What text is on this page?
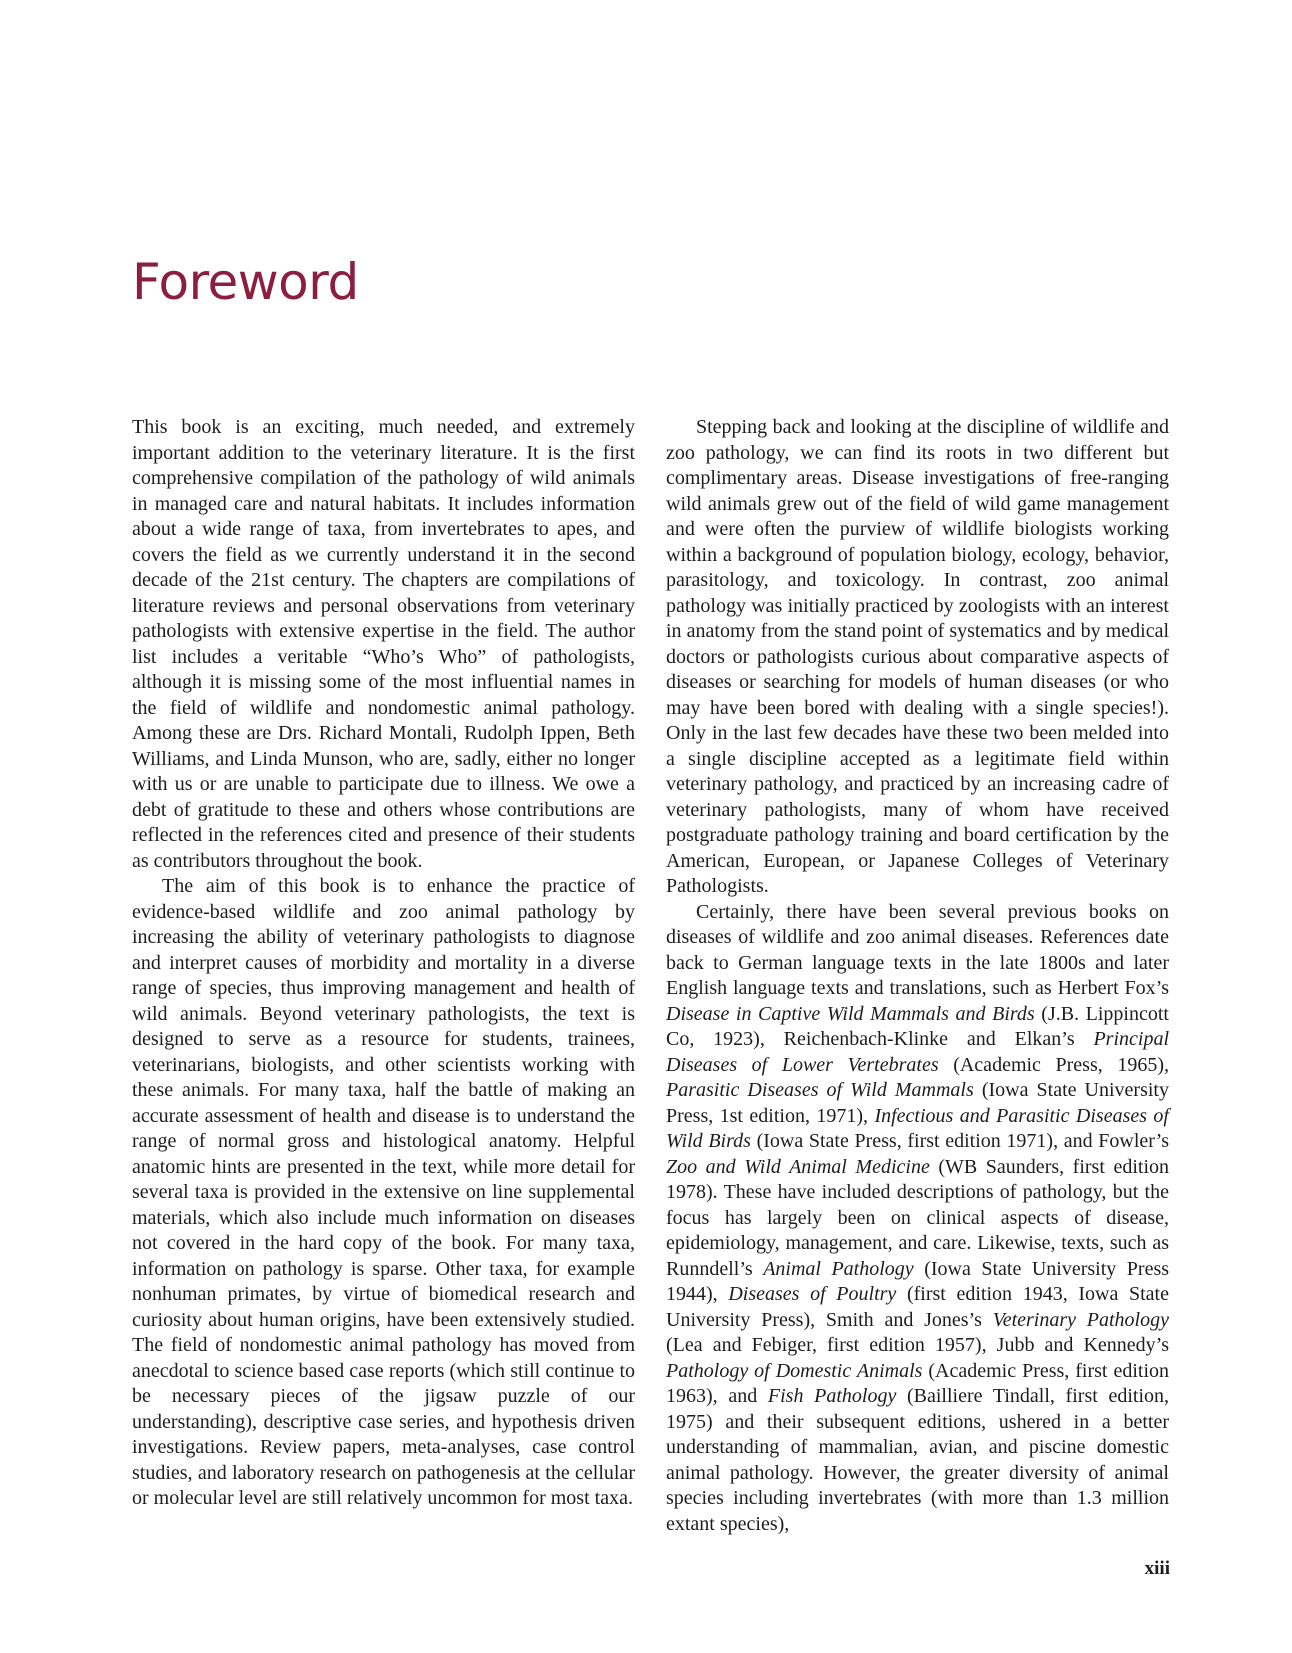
Foreword

This book is an exciting, much needed, and extremely important addition to the veterinary literature. It is the first comprehensive compilation of the pathology of wild animals in managed care and natural habitats. It includes information about a wide range of taxa, from invertebrates to apes, and covers the field as we currently understand it in the second decade of the 21st century. The chapters are compilations of literature reviews and personal observations from veterinary pathologists with extensive expertise in the field. The author list includes a veritable “Who’s Who” of pathologists, although it is missing some of the most influential names in the field of wildlife and nondomestic animal pathology. Among these are Drs. Richard Montali, Rudolph Ippen, Beth Williams, and Linda Munson, who are, sadly, either no longer with us or are unable to participate due to illness. We owe a debt of gratitude to these and others whose contributions are reflected in the references cited and presence of their students as contributors throughout the book.

The aim of this book is to enhance the practice of evidence-based wildlife and zoo animal pathology by increasing the ability of veterinary pathologists to diagnose and interpret causes of morbidity and mortality in a diverse range of species, thus improving management and health of wild animals. Beyond veterinary pathologists, the text is designed to serve as a resource for students, trainees, veterinarians, biologists, and other scientists working with these animals. For many taxa, half the battle of making an accurate assessment of health and disease is to understand the range of normal gross and histological anatomy. Helpful anatomic hints are presented in the text, while more detail for several taxa is provided in the extensive on line supplemental materials, which also include much information on diseases not covered in the hard copy of the book. For many taxa, information on pathology is sparse. Other taxa, for example nonhuman primates, by virtue of biomedical research and curiosity about human origins, have been extensively studied. The field of nondomestic animal pathology has moved from anecdotal to science based case reports (which still continue to be necessary pieces of the jigsaw puzzle of our understanding), descriptive case series, and hypothesis driven investigations. Review papers, meta-analyses, case control studies, and laboratory research on pathogenesis at the cellular or molecular level are still relatively uncommon for most taxa.

Stepping back and looking at the discipline of wildlife and zoo pathology, we can find its roots in two different but complimentary areas. Disease investigations of free-ranging wild animals grew out of the field of wild game management and were often the purview of wildlife biologists working within a background of population biology, ecology, behavior, parasitology, and toxicology. In contrast, zoo animal pathology was initially practiced by zoologists with an interest in anatomy from the stand point of systematics and by medical doctors or pathologists curious about comparative aspects of diseases or searching for models of human diseases (or who may have been bored with dealing with a single species!). Only in the last few decades have these two been melded into a single discipline accepted as a legitimate field within veterinary pathology, and practiced by an increasing cadre of veterinary pathologists, many of whom have received postgraduate pathology training and board certification by the American, European, or Japanese Colleges of Veterinary Pathologists.

Certainly, there have been several previous books on diseases of wildlife and zoo animal diseases. References date back to German language texts in the late 1800s and later English language texts and translations, such as Herbert Fox’s Disease in Captive Wild Mammals and Birds (J.B. Lippincott Co, 1923), Reichenbach-Klinke and Elkan’s Principal Diseases of Lower Vertebrates (Academic Press, 1965), Parasitic Diseases of Wild Mammals (Iowa State University Press, 1st edition, 1971), Infectious and Parasitic Diseases of Wild Birds (Iowa State Press, first edition 1971), and Fowler’s Zoo and Wild Animal Medicine (WB Saunders, first edition 1978). These have included descriptions of pathology, but the focus has largely been on clinical aspects of disease, epidemiology, management, and care. Likewise, texts, such as Runndell’s Animal Pathology (Iowa State University Press 1944), Diseases of Poultry (first edition 1943, Iowa State University Press), Smith and Jones’s Veterinary Pathology (Lea and Febiger, first edition 1957), Jubb and Kennedy’s Pathology of Domestic Animals (Academic Press, first edition 1963), and Fish Pathology (Bailliere Tindall, first edition, 1975) and their subsequent editions, ushered in a better understanding of mammalian, avian, and piscine domestic animal pathology. However, the greater diversity of animal species including invertebrates (with more than 1.3 million extant species),

xiii
